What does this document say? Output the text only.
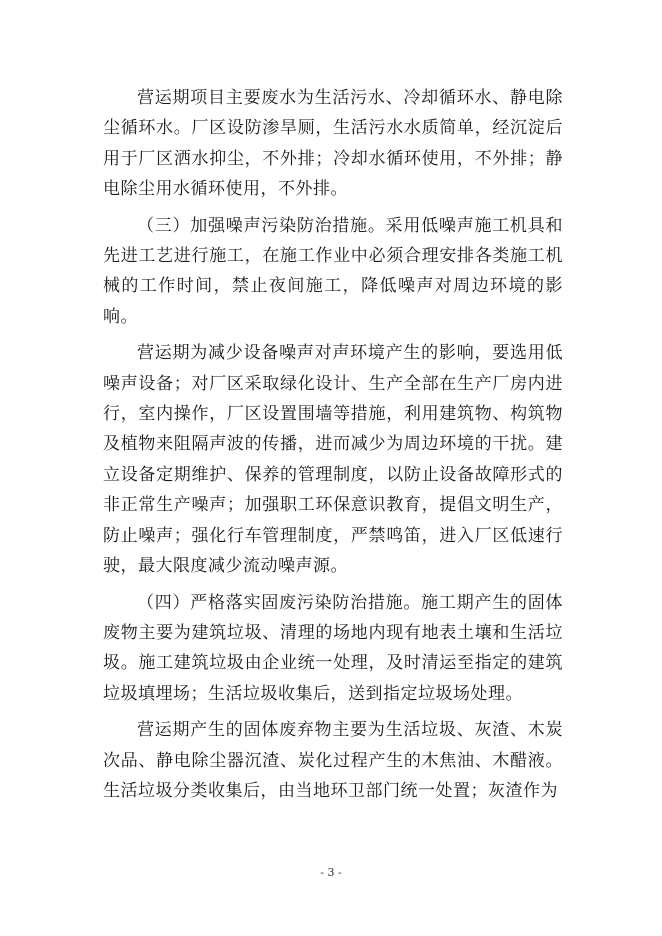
营运期项目主要废水为生活污水、冷却循环水、静电除尘循环水。厂区设防渗旱厕，生活污水水质简单，经沉淀后用于厂区洒水抑尘，不外排；冷却水循环使用，不外排；静电除尘用水循环使用，不外排。

（三）加强噪声污染防治措施。采用低噪声施工机具和先进工艺进行施工，在施工作业中必须合理安排各类施工机械的工作时间，禁止夜间施工，降低噪声对周边环境的影响。

营运期为减少设备噪声对声环境产生的影响，要选用低噪声设备；对厂区采取绿化设计、生产全部在生产厂房内进行，室内操作，厂区设置围墙等措施，利用建筑物、构筑物及植物来阻隔声波的传播，进而减少为周边环境的干扰。建立设备定期维护、保养的管理制度，以防止设备故障形式的非正常生产噪声；加强职工环保意识教育，提倡文明生产，防止噪声；强化行车管理制度，严禁鸣笛，进入厂区低速行驶，最大限度减少流动噪声源。

（四）严格落实固废污染防治措施。施工期产生的固体废物主要为建筑垃圾、清理的场地内现有地表土壤和生活垃圾。施工建筑垃圾由企业统一处理，及时清运至指定的建筑垃圾填埋场；生活垃圾收集后，送到指定垃圾场处理。

营运期产生的固体废弃物主要为生活垃圾、灰渣、木炭次品、静电除尘器沉渣、炭化过程产生的木焦油、木醋液。生活垃圾分类收集后，由当地环卫部门统一处置；灰渣作为

- 3 -
